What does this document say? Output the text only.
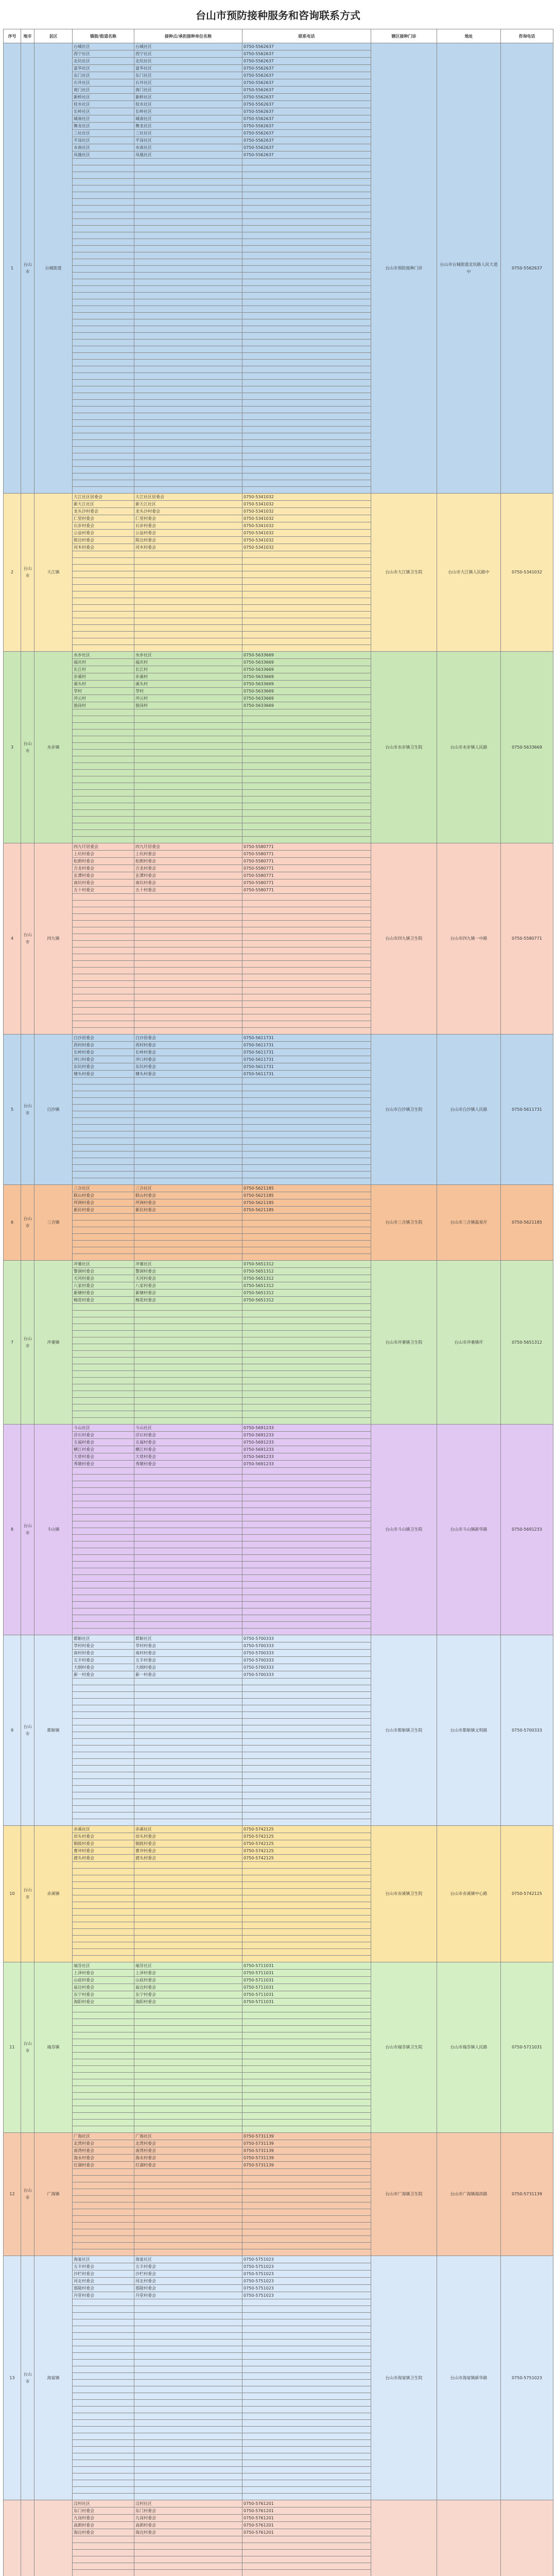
台山市预防接种服务和咨询联系方式
序号	地市	县区	镇街/街道名称	接种点/承担接种单位名称	联系电话	辖区接种门诊	地址	咨询电话
1	台山市	台城街道	台城社区	台城社区	0750-5562637	台山市预防接种门诊	台山市台城街道北坑路人民大道中	0750-5562637
			西宁社区	西宁社区	0750-5562637			
			北坑社区	北坑社区	0750-5562637			
			富华社区	富华社区	0750-5562637			
			东门社区	东门社区	0750-5562637			
			石井社区	石井社区	0750-5562637			
			南门社区	南门社区	0750-5562637			
			新桥社区	新桥社区	0750-5562637			
			桂水社区	桂水社区	0750-5562637			
			长岭社区	长岭社区	0750-5562637			
			城南社区	城南社区	0750-5562637			
			舞龙社区	舞龙社区	0750-5562637			
			三社社区	三社社区	0750-5562637			
			平岗社区	平岗社区	0750-5562637			
			水南社区	水南社区	0750-5562637			
			凤凰社区	凤凰社区	0750-5562637			

2	台山市	大江镇	大江社区居委会	大江社区居委会	0750-5341032	台山市大江镇卫生院	台山市大江镇人民路中	0750-5341032
			新大江社区	新大江社区	0750-5341032			
			龙头沙村委会	龙头沙村委会	0750-5341032			
			仁里村委会	仁里村委会	0750-5341032			
			石步村委会	石步村委会	0750-5341032			
			公益村委会	公益村委会	0750-5341032			
			陈边村委会	陈边村委会	0750-5341032			
			河木村委会	河木村委会	0750-5341032			

3	台山市	水步镇	水步社区	水步社区	0750-5633669	台山市水步镇卫生院	台山市水步镇人民路	0750-5633669
			福庆村	福庆村	0750-5633669			
			长江村	长江村	0750-5633669			
			步溪村	步溪村	0750-5633669			
			溪头村	溪头村	0750-5633669			
			莘村	莘村	0750-5633669			
			冲云村	冲云村	0750-5633669			
			独岗村	独岗村	0750-5633669			

4	台山市	四九镇	四九圩居委会	四九圩居委会	0750-5580771	台山市四九镇卫生院	台山市四九镇一中路	0750-5580771
			上坑村委会	上坑村委会	0750-5580771			
			松朗村委会	松朗村委会	0750-5580771			
			吉龙村委会	吉龙村委会	0750-5580771			
			玄潭村委会	玄潭村委会	0750-5580771			
			南坑村委会	南坑村委会	0750-5580771			
			五十村委会	五十村委会	0750-5580771			

5	台山市	白沙镇	白沙居委会	白沙居委会	0750-5611731	台山市白沙镇卫生院	台山市白沙镇人民路	0750-5611731
			西村村委会	西村村委会	0750-5611731			
			长岭村委会	长岭村委会	0750-5611731			
			冲口村委会	冲口村委会	0750-5611731			
			东坑村委会	东坑村委会	0750-5611731			
			塘头村委会	塘头村委会	0750-5611731			

6	台山市	三合镇	三合社区	三合社区	0750-5621185	台山市三合镇卫生院	台山市三合镇温泉圩	0750-5621185
			联山村委会	联山村委会	0750-5621185			
			坪洲村委会	坪洲村委会	0750-5621185			
			新民村委会	新民村委会	0750-5621185			

7	台山市	冲蒌镇	冲蒌社区	冲蒌社区	0750-5651312	台山市冲蒌镇卫生院	台山市冲蒌镇圩	0750-5651312
			黎洞村委会	黎洞村委会	0750-5651312			
			天河村委会	天河村委会	0750-5651312			
			八家村委会	八家村委会	0750-5651312			
			新塘村委会	新塘村委会	0750-5651312			
			梅花村委会	梅花村委会	0750-5651312			

8	台山市	斗山镇	斗山社区	斗山社区	0750-5691233	台山市斗山镇卫生院	台山市斗山镇新华路	0750-5691233
			浮石村委会	浮石村委会	0750-5691233			
			五福村委会	五福村委会	0750-5691233			
			横江村委会	横江村委会	0750-5691233			
			大巷村委会	大巷村委会	0750-5691233			
			秀墩村委会	秀墩村委会	0750-5691233			

9	台山市	都斛镇	都斛社区	都斛社区	0750-5700333	台山市都斛镇卫生院	台山市都斛镇文明路	0750-5700333
			莘村村委会	莘村村委会	0750-5700333			
			南村村委会	南村村委会	0750-5700333			
			五丰村委会	五丰村委会	0750-5700333			
			大纲村委会	大纲村委会	0750-5700333			
			新一村委会	新一村委会	0750-5700333			

10	台山市	赤溪镇	赤溪社区	赤溪社区	0750-5742125	台山市赤溪镇卫生院	台山市赤溪镇中心路	0750-5742125
			田头村委会	田头村委会	0750-5742125			
			铜鼓村委会	铜鼓村委会	0750-5742125			
			曹冲村委会	曹冲村委会	0750-5742125			
			渡头村委会	渡头村委会	0750-5742125			

11	台山市	端芬镇	端芬社区	端芬社区	0750-5711031	台山市端芬镇卫生院	台山市端芬镇人民路	0750-5711031
			上泽村委会	上泽村委会	0750-5711031			
			山底村委会	山底村委会	0750-5711031			
			庙边村委会	庙边村委会	0750-5711031			
			东宁村委会	东宁村委会	0750-5711031			
			海阳村委会	海阳村委会	0750-5711031			

12	台山市	广海镇	广海社区	广海社区	0750-5731139	台山市广海镇卫生院	台山市广海镇海滨路	0750-5731139
			北湾村委会	北湾村委会	0750-5731139			
			南湾村委会	南湾村委会	0750-5731139			
			海永村委会	海永村委会	0750-5731139			
			灯湖村委会	灯湖村委会	0750-5731139			

13	台山市	海宴镇	海宴社区	海宴社区	0750-5751023	台山市海宴镇卫生院	台山市海宴镇新华路	0750-5751023
			五丰村委会	五丰村委会	0750-5751023			
			沙栏村委会	沙栏村委会	0750-5751023			
			河北村委会	河北村委会	0750-5751023			
			那陵村委会	那陵村委会	0750-5751023			
			丹堂村委会	丹堂村委会	0750-5751023			

			汶村社区	汶村社区	0750-5761201			
			东门村委会	东门村委会	0750-5761201			
			九岗村委会	九岗村委会	0750-5761201			
			高朗村委会	高朗村委会	0750-5761201			
			海边村委会	海边村委会	0750-5761201			
